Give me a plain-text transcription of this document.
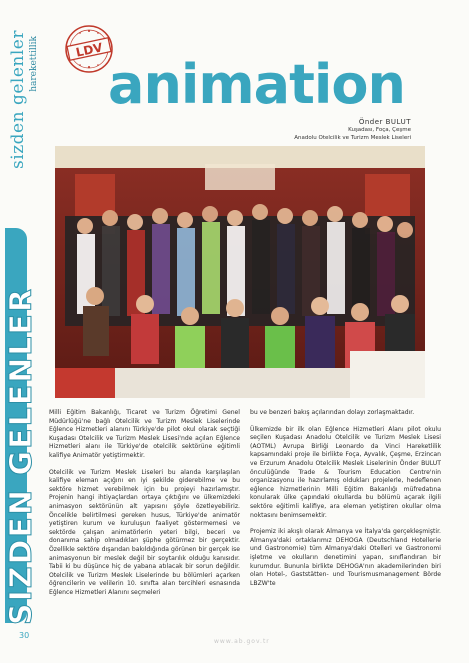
sizden gelenler harekettillik
SIZDEN GELENLER
LDV
animation
Önder BULUT
Kuşadası, Foça, Çeşme
Anadolu Otelcilik ve Turizm Meslek Liseleri

Milli Eğitim Bakanlığı, Ticaret ve Turizm Öğretimi Genel Müdürlüğü'ne bağlı Otelcilik ve Turizm Meslek Liselerinde Eğlence Hizmetleri alanını Türkiye'de pilot okul olarak seçtiği Kuşadası Otelcilik ve Turizm Meslek Lisesi'nde açılan Eğlence Hizmetleri alanı ile Türkiye'de otelcilik sektörüne eğitimli kalifiye Animatör yetiştirmektir.

Otelcilik ve Turizm Meslek Liseleri bu alanda karşılaşılan kalifiye eleman açığını en iyi şekilde giderebilme ve bu sektöre hizmet verebilmek için bu projeyi hazırlamıştır. Projenin hangi ihtiyaçlardan ortaya çıktığını ve ülkemizdeki animasyon sektörünün alt yapısını şöyle özetleyebiliriz. Öncelikle belirtilmesi gereken husus, Türkiye'de animatör yetiştiren kurum ve kuruluşun faaliyet göstermemesi ve sektörde çalışan animatörlerin yeteri bilgi, beceri ve donanıma sahip olmadıkları şüphe götürmez bir gerçektir. Özellikle sektöre dışarıdan bakıldığında görünen bir gerçek ise animasyonun bir meslek değil bir soytarılık olduğu kanısıdır. Tabii ki bu düşünce hiç de yabana atılacak bir sorun değildir. Otelcilik ve Turizm Meslek Liselerinde bu bölümleri açarken öğrencilerin ve velilerin 10. sınıfta alan tercihleri esnasında Eğlence Hizmetleri Alanını seçmeleri

bu ve benzeri bakış açılarından dolayı zorlaşmaktadır.

Ülkemizde bir ilk olan Eğlence Hizmetleri Alanı pilot okulu seçilen Kuşadası Anadolu Otelcilik ve Turizm Meslek Lisesi (AOTML) Avrupa Birliği Leonardo da Vinci Hareketlilik kapsamındaki proje ile birlikte Foça, Ayvalık, Çeşme, Erzincan ve Erzurum Anadolu Otelcilik Meslek Liselerinin Önder BULUT önculüğünde Trade & Tourism Education Centre'nin organizasyonu ile hazırlamış oldukları projelerle, hedeflenen eğlence hizmetlerinin Milli Eğitim Bakanlığı müfredatına konularak ülke çapındaki okullarda bu bölümü açarak ilgili sektöre eğitimli kalifiye, ara eleman yetiştiren okullar olma noktasını benimsemektir.

Projemiz iki akışlı olarak Almanya ve İtalya'da gerçekleşmiştir. Almanya'daki ortaklarımız DEHOGA (Deutschland Hotellerie und Gastronomie) tüm Almanya'daki Otelleri ve Gastronomi işletme ve okulların denetimini yapan, sınıflandıran bir kurumdur. Bununla birlikte DEHOGA'nın akademilerinden biri olan Hotel-, Gaststätten- und Tourismusmanagement Börde LBZW'te

30
www.ab.gov.tr
